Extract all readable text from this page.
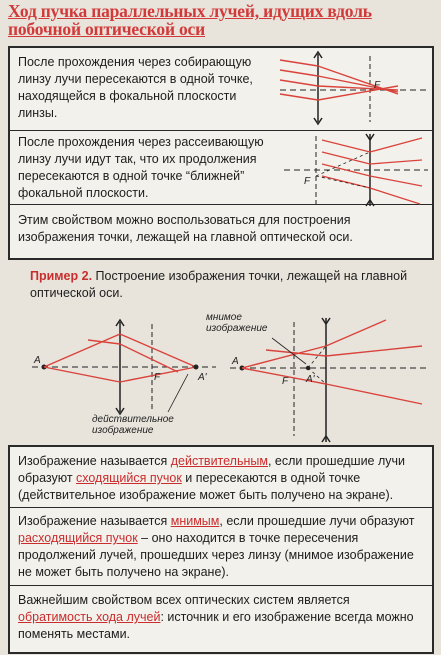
Ход пучка параллельных лучей, идущих вдоль побочной оптической оси
После прохождения через собирающую линзу лучи пересекаются в одной точке, находящейся в фокальной плоскости линзы.
После прохождения через рассеивающую линзу лучи идут так, что их продолжения пересекаются в одной точке “ближней” фокальной плоскости.
Этим свойством можно воспользоваться для построения изображения точки, лежащей на главной оптической оси.
F
F
Пример 2. Построение изображения точки, лежащей на главной оптической оси.
A
F	A'
действительное изображение
A
F A'
мнимое изображение
Изображение называется действительным, если прошедшие лучи образуют сходящийся пучок и пересекаются в одной точке (действительное изображение может быть получено на экране).
Изображение называется мнимым, если прошедшие лучи образуют расходящийся пучок – оно находится в точке пересечения продолжений лучей, прошедших через линзу (мнимое изображение не может быть получено на экране).
Важнейшим свойством всех оптических систем является обратимость хода лучей: источник и его изображение всегда можно поменять местами.
